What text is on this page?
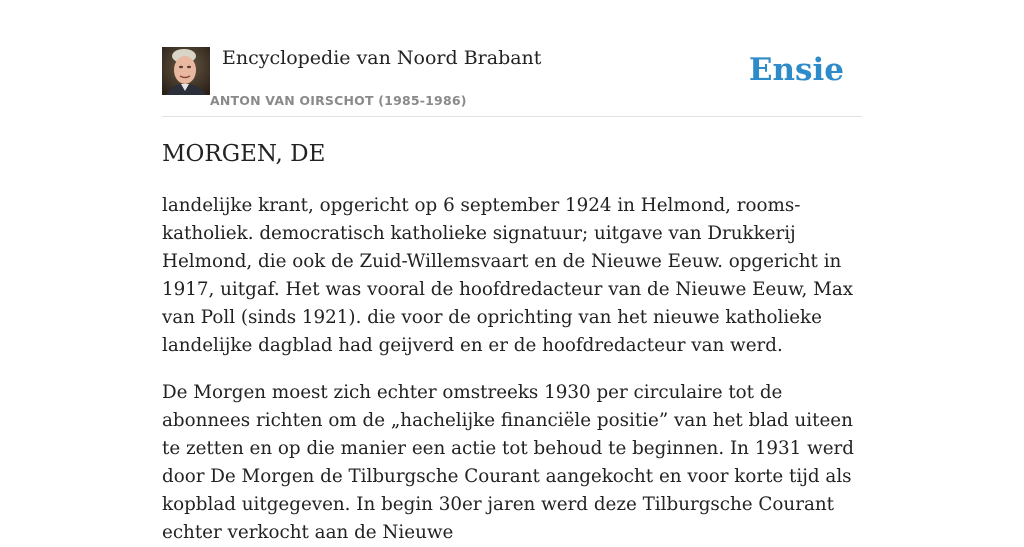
Encyclopedie van Noord Brabant
ANTON VAN OIRSCHOT (1985-1986)
Ensie
MORGEN, DE

landelijke krant, opgericht op 6 september 1924 in Helmond, rooms-katholiek. democratisch katholieke signatuur; uitgave van Drukkerij Helmond, die ook de Zuid-Willemsvaart en de Nieuwe Eeuw. opgericht in 1917, uitgaf. Het was vooral de hoofdredacteur van de Nieuwe Eeuw, Max van Poll (sinds 1921). die voor de oprichting van het nieuwe katholieke landelijke dagblad had geijverd en er de hoofdredacteur van werd.

De Morgen moest zich echter omstreeks 1930 per circulaire tot de abonnees richten om de „hachelijke financiële positie” van het blad uiteen te zetten en op die manier een actie tot behoud te beginnen. In 1931 werd door De Morgen de Tilburgsche Courant aangekocht en voor korte tijd als kopblad uitgegeven. In begin 30er jaren werd deze Tilburgsche Courant echter verkocht aan de Nieuwe
